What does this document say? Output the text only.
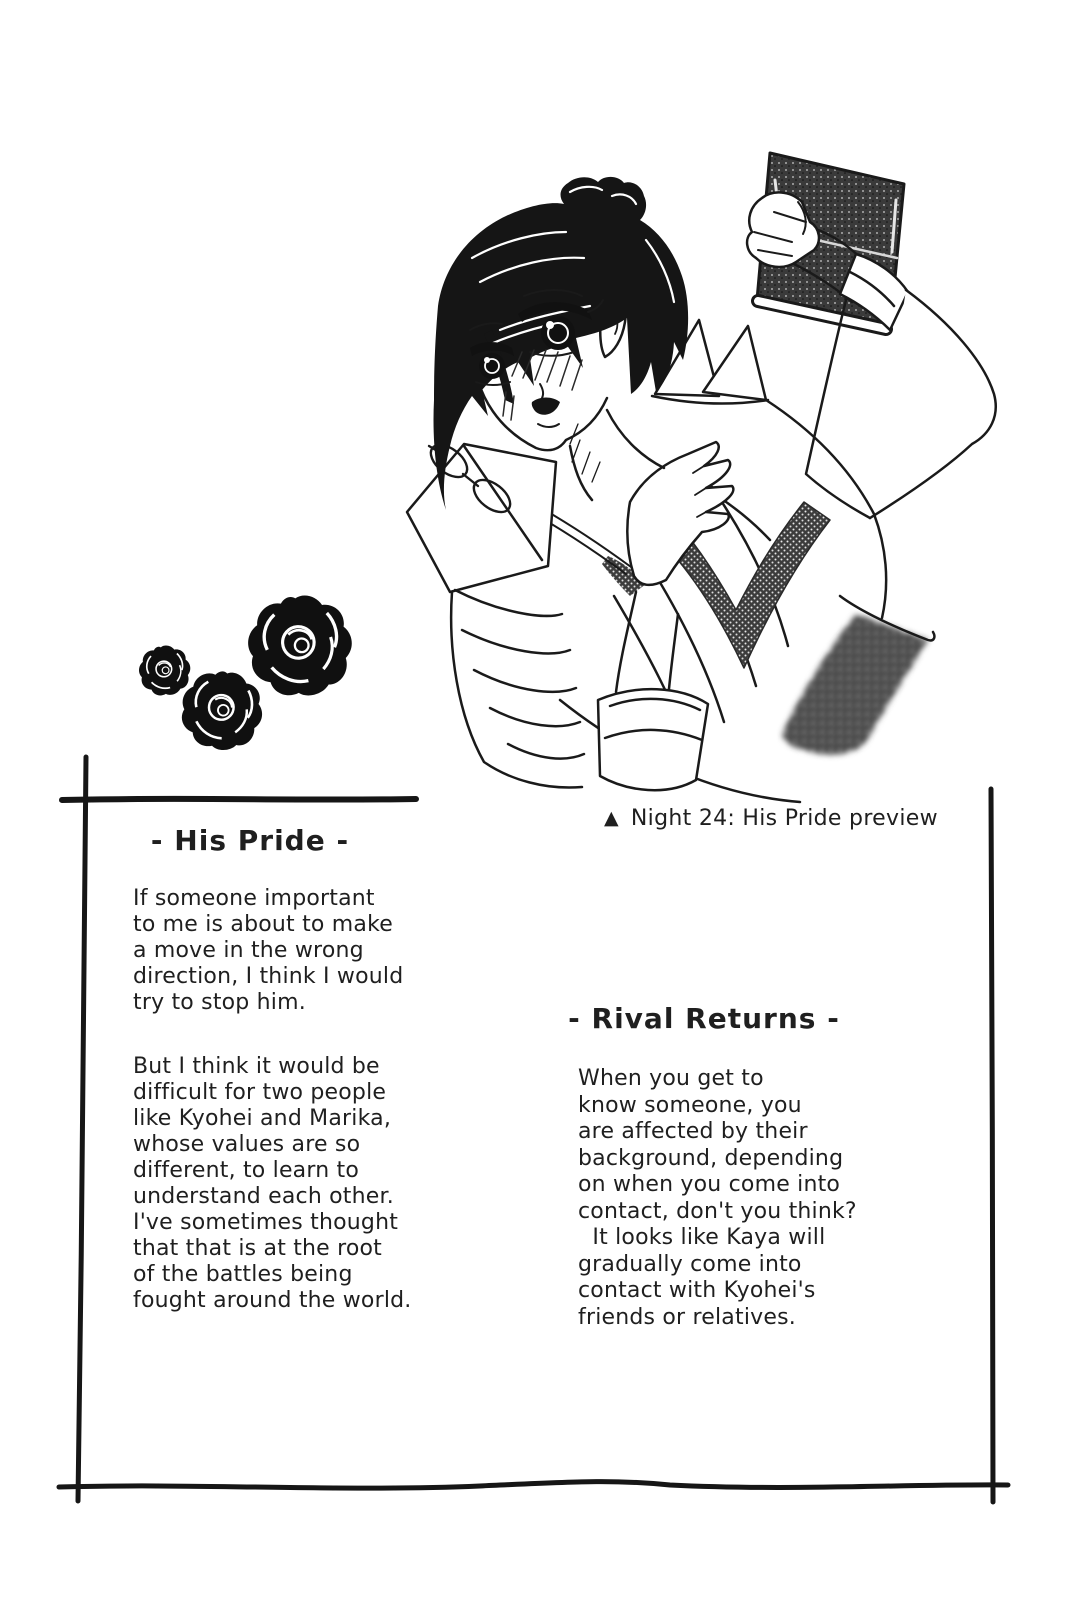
▲ Night 24: His Pride preview
- His Pride -
If someone important
to me is about to make
a move in the wrong
direction, I think I would
try to stop him.
But I think it would be
difficult for two people
like Kyohei and Marika,
whose values are so
different, to learn to
understand each other.
I've sometimes thought
that that is at the root
of the battles being
fought around the world.
- Rival Returns -
When you get to
know someone, you
are affected by their
background, depending
on when you come into
contact, don't you think?
It looks like Kaya will
gradually come into
contact with Kyohei's
friends or relatives.
